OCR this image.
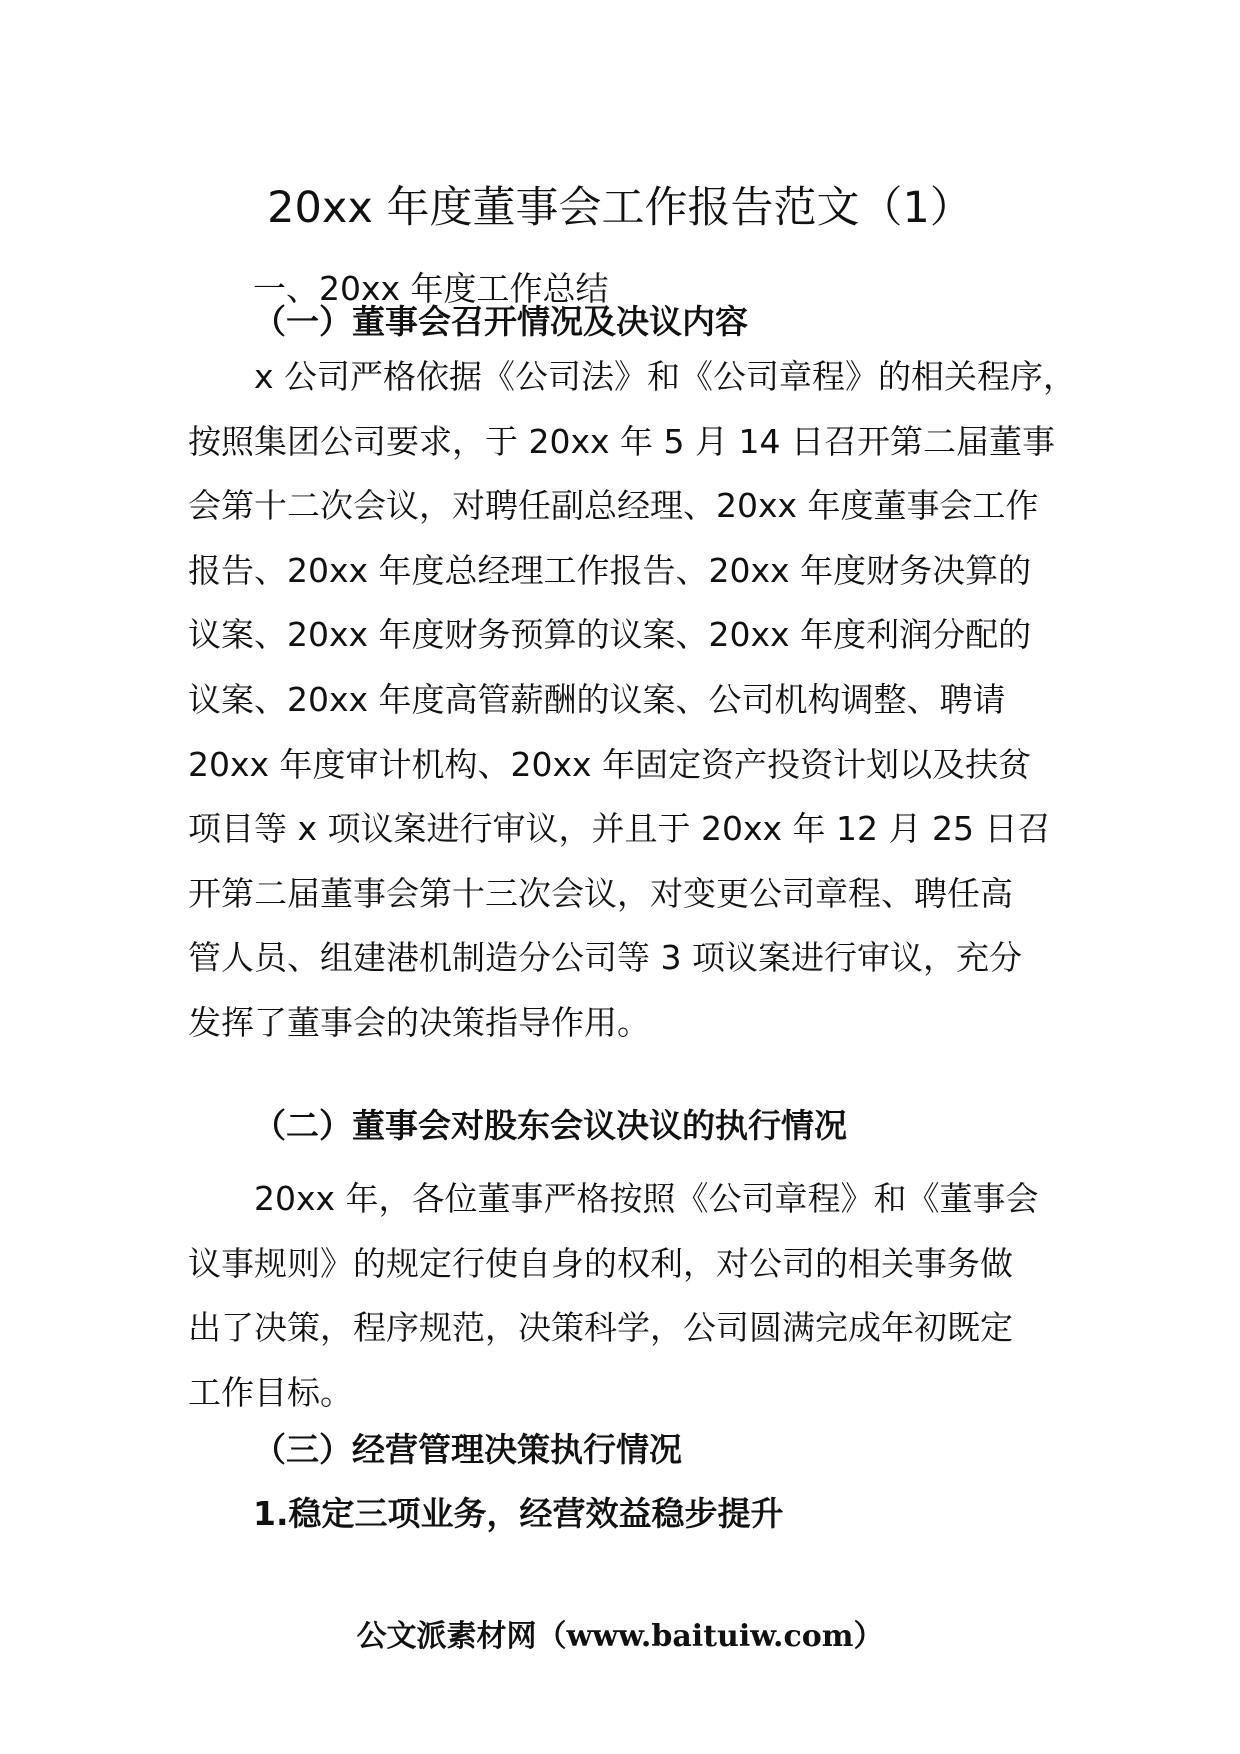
20xx 年度董事会工作报告范文（1）
一、20xx 年度工作总结
（一）董事会召开情况及决议内容
x 公司严格依据《公司法》和《公司章程》的相关程序，
按照集团公司要求，于 20xx 年 5 月 14 日召开第二届董事
会第十二次会议，对聘任副总经理、20xx 年度董事会工作
报告、20xx 年度总经理工作报告、20xx 年度财务决算的
议案、20xx 年度财务预算的议案、20xx 年度利润分配的
议案、20xx 年度高管薪酬的议案、公司机构调整、聘请
20xx 年度审计机构、20xx 年固定资产投资计划以及扶贫
项目等 x 项议案进行审议，并且于 20xx 年 12 月 25 日召
开第二届董事会第十三次会议，对变更公司章程、聘任高
管人员、组建港机制造分公司等 3 项议案进行审议，充分
发挥了董事会的决策指导作用。
（二）董事会对股东会议决议的执行情况
20xx 年，各位董事严格按照《公司章程》和《董事会
议事规则》的规定行使自身的权利，对公司的相关事务做
出了决策，程序规范，决策科学，公司圆满完成年初既定
工作目标。
（三）经营管理决策执行情况
1.稳定三项业务，经营效益稳步提升
公文派素材网（www.baituiw.com）
